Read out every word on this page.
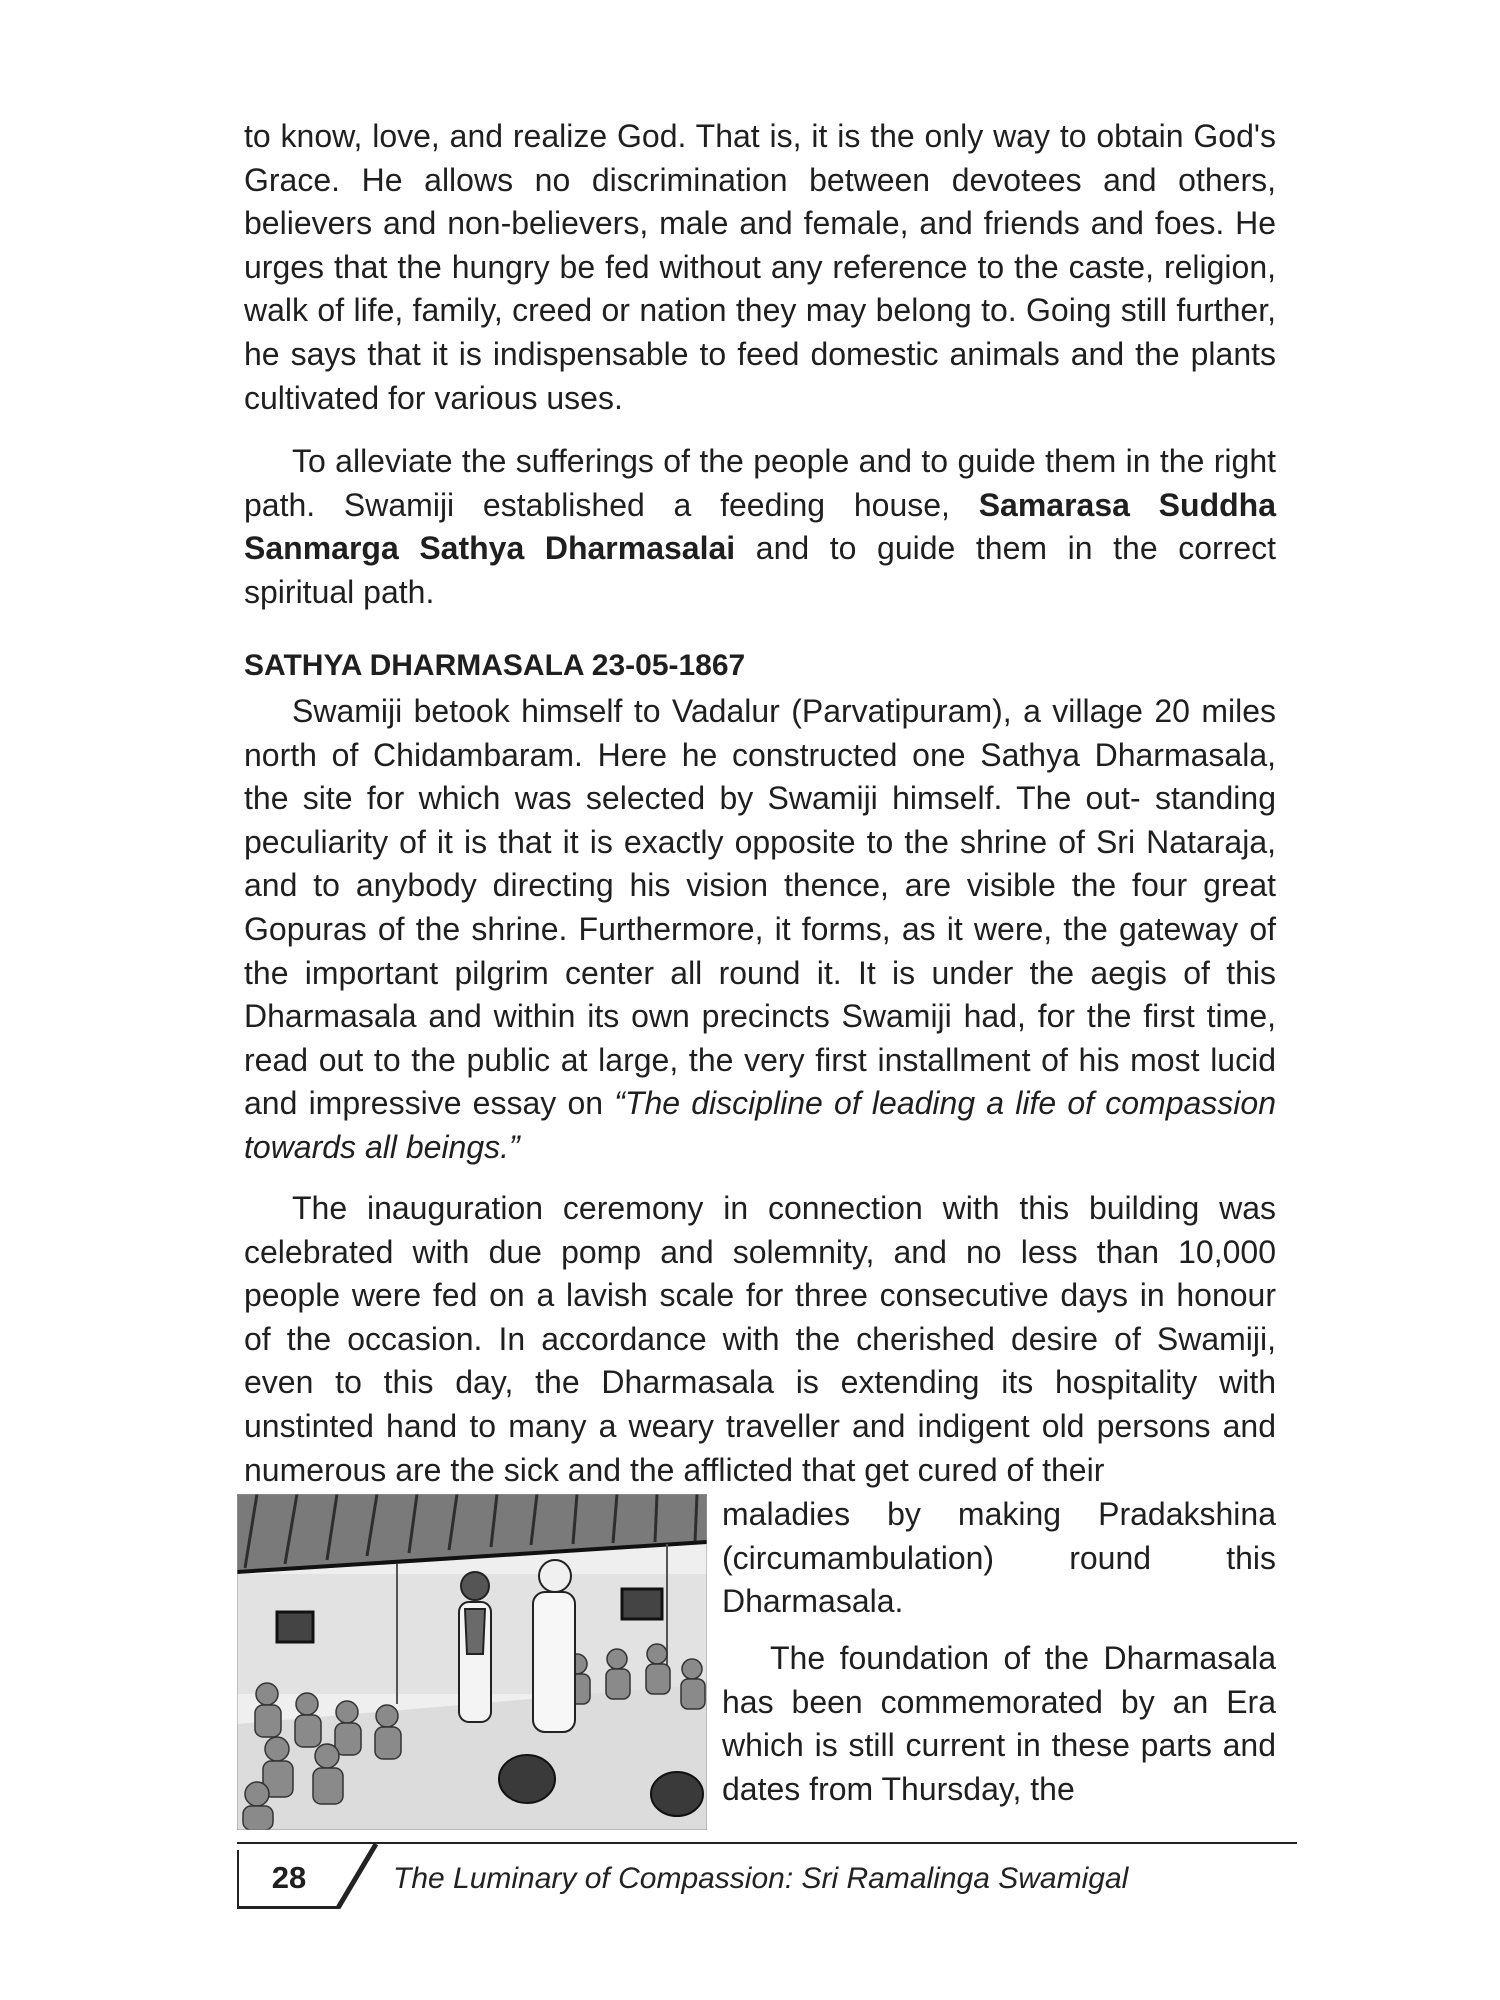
to know, love, and realize God. That is, it is the only way to obtain God's Grace. He allows no discrimination between devotees and others, believers and non-believers, male and female, and friends and foes. He urges that the hungry be fed without any reference to the caste, religion, walk of life, family, creed or nation they may belong to. Going still further, he says that it is indispensable to feed domestic animals and the plants cultivated for various uses.

To alleviate the sufferings of the people and to guide them in the right path. Swamiji established a feeding house, Samarasa Suddha Sanmarga Sathya Dharmasalai and to guide them in the correct spiritual path.

SATHYA DHARMASALA 23-05-1867

Swamiji betook himself to Vadalur (Parvatipuram), a village 20 miles north of Chidambaram. Here he constructed one Sathya Dharmasala, the site for which was selected by Swamiji himself. The out- standing peculiarity of it is that it is exactly opposite to the shrine of Sri Nataraja, and to anybody directing his vision thence, are visible the four great Gopuras of the shrine. Furthermore, it forms, as it were, the gateway of the important pilgrim center all round it. It is under the aegis of this Dharmasala and within its own precincts Swamiji had, for the first time, read out to the public at large, the very first installment of his most lucid and impressive essay on “The discipline of leading a life of compassion towards all beings.”

The inauguration ceremony in connection with this building was celebrated with due pomp and solemnity, and no less than 10,000 people were fed on a lavish scale for three consecutive days in honour of the occasion. In accordance with the cherished desire of Swamiji, even to this day, the Dharmasala is extending its hospitality with unstinted hand to many a weary traveller and indigent old persons and numerous are the sick and the afflicted that get cured of their

maladies by making Pradakshina (circumambulation) round this Dharmasala.

The foundation of the Dharmasala has been commemorated by an Era which is still current in these parts and dates from Thursday, the

28	The Luminary of Compassion: Sri Ramalinga Swamigal
